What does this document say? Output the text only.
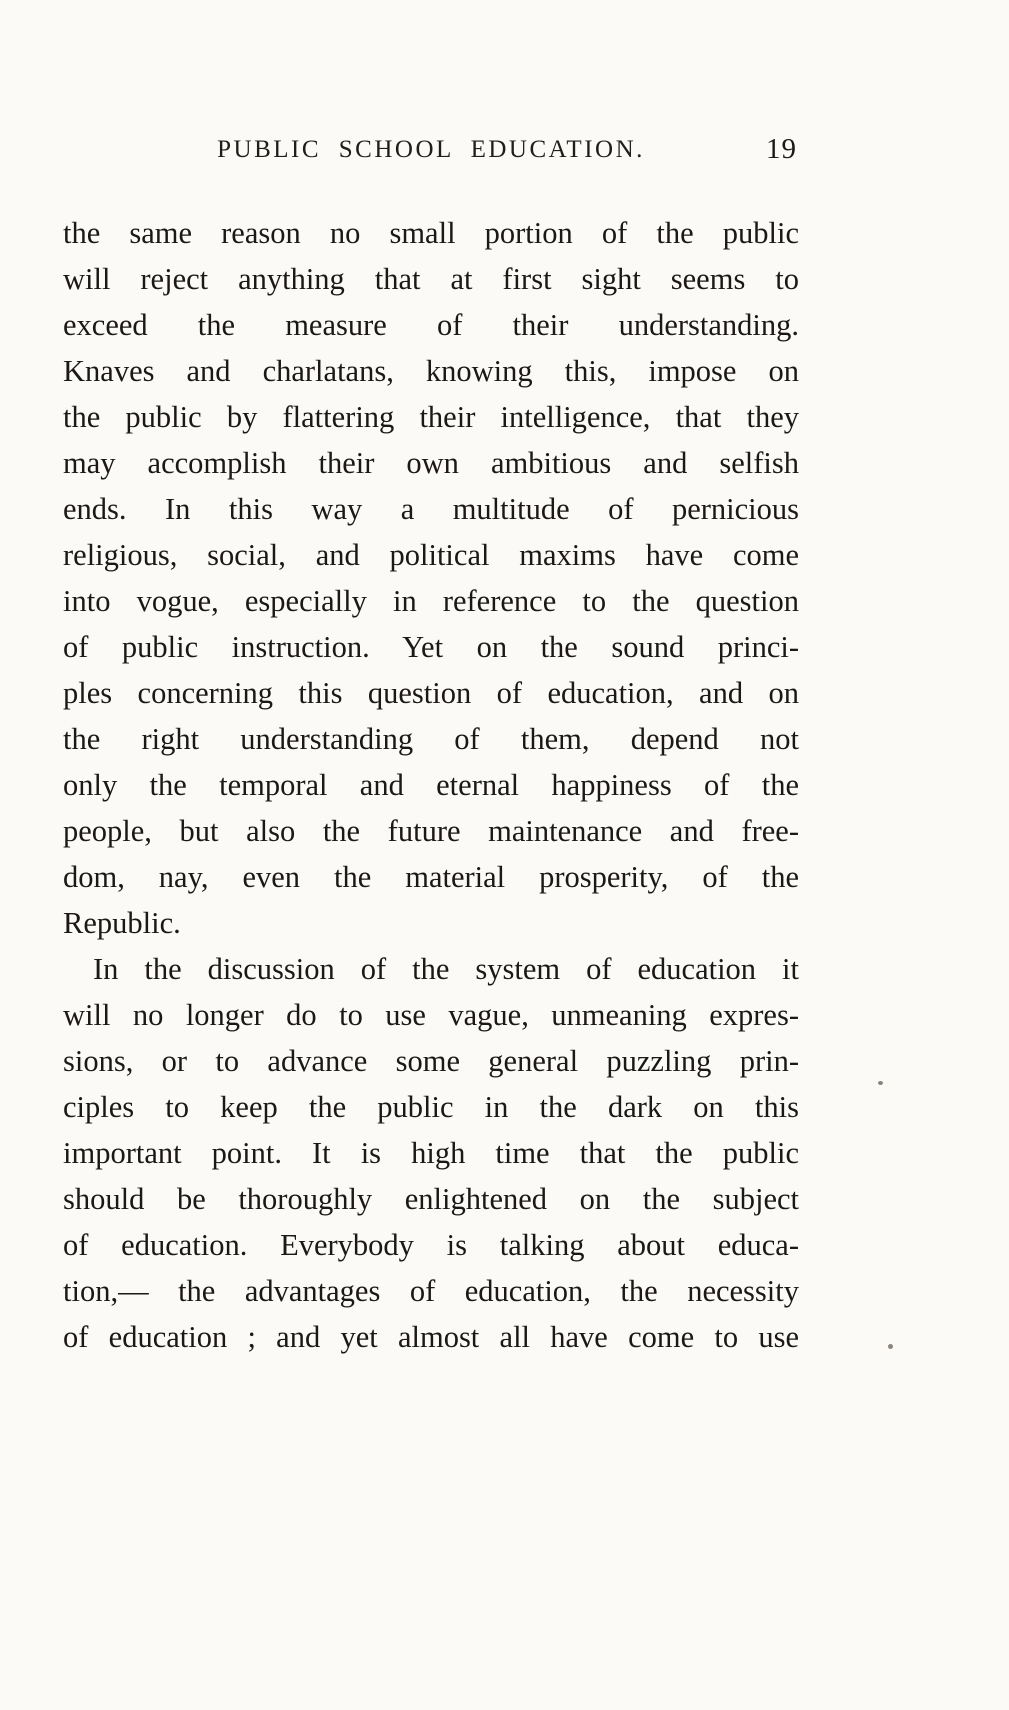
PUBLIC SCHOOL EDUCATION.	19
the same reason no small portion of the public
will reject anything that at first sight seems to
exceed the measure of their understanding.
Knaves and charlatans, knowing this, impose on
the public by flattering their intelligence, that they
may accomplish their own ambitious and selfish
ends. In this way a multitude of pernicious
religious, social, and political maxims have come
into vogue, especially in reference to the question
of public instruction. Yet on the sound princi-
ples concerning this question of education, and on
the right understanding of them, depend not
only the temporal and eternal happiness of the
people, but also the future maintenance and free-
dom, nay, even the material prosperity, of the
Republic.
In the discussion of the system of education it
will no longer do to use vague, unmeaning expres-
sions, or to advance some general puzzling prin-
ciples to keep the public in the dark on this
important point. It is high time that the public
should be thoroughly enlightened on the subject
of education. Everybody is talking about educa-
tion,— the advantages of education, the necessity
of education ; and yet almost all have come to use
